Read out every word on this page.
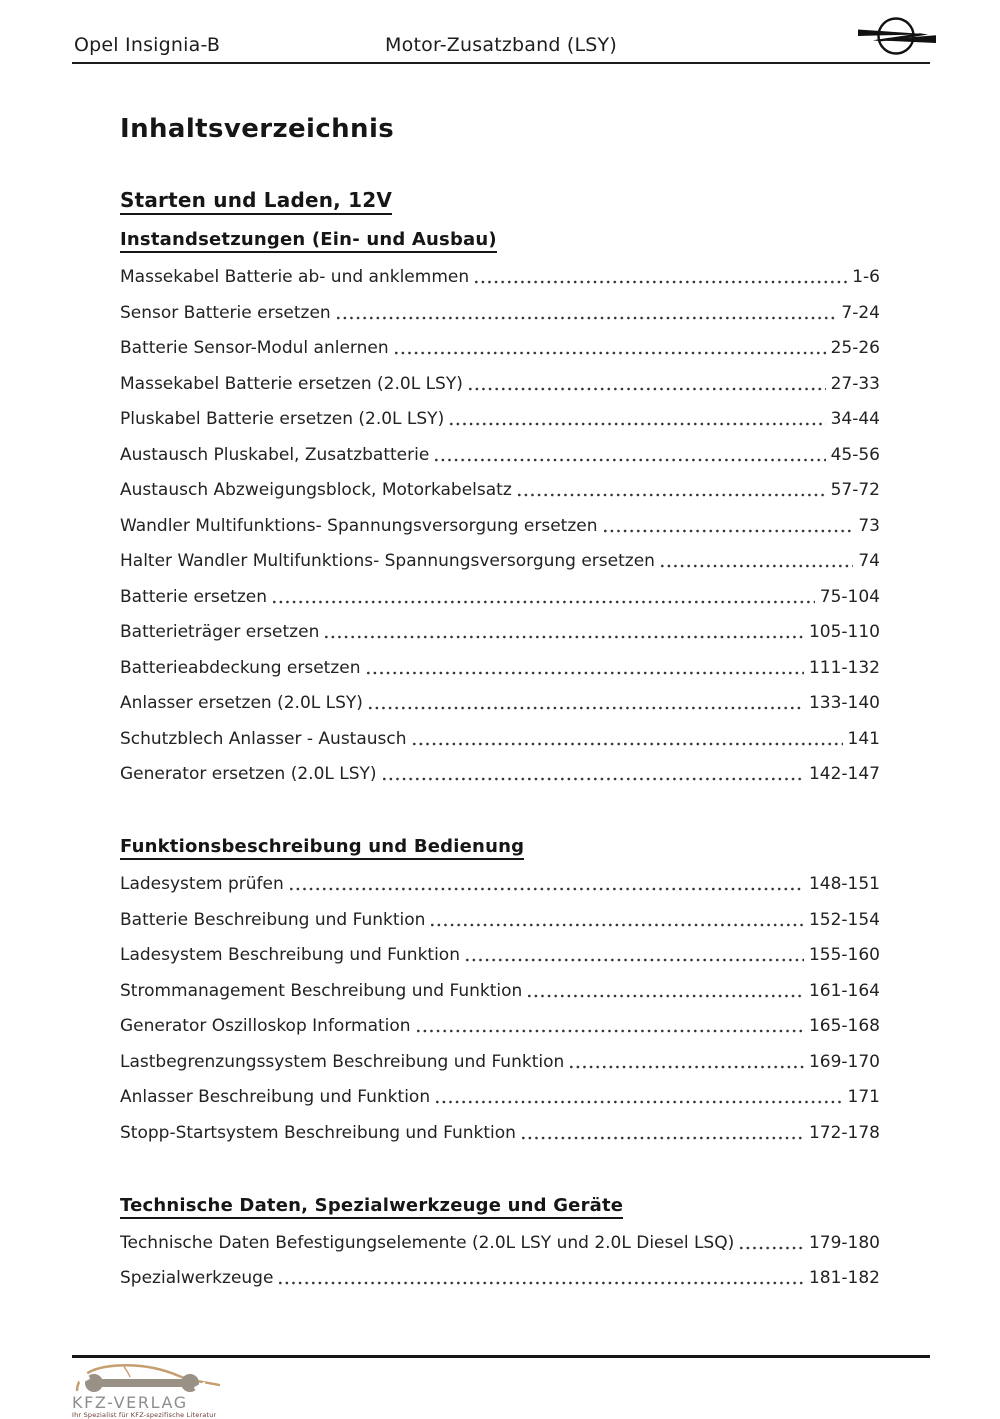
Opel Insignia-B	Motor-Zusatzband (LSY)
Inhaltsverzeichnis
Starten und Laden, 12V
Instandsetzungen (Ein- und Ausbau)
Massekabel Batterie ab- und anklemmen	1-6
Sensor Batterie ersetzen	7-24
Batterie Sensor-Modul anlernen	25-26
Massekabel Batterie ersetzen (2.0L LSY)	27-33
Pluskabel Batterie ersetzen (2.0L LSY)	34-44
Austausch Pluskabel, Zusatzbatterie	45-56
Austausch Abzweigungsblock, Motorkabelsatz	57-72
Wandler Multifunktions- Spannungsversorgung ersetzen	73
Halter Wandler Multifunktions- Spannungsversorgung ersetzen	74
Batterie ersetzen	75-104
Batterieträger ersetzen	105-110
Batterieabdeckung ersetzen	111-132
Anlasser ersetzen (2.0L LSY)	133-140
Schutzblech Anlasser - Austausch	141
Generator ersetzen (2.0L LSY)	142-147
Funktionsbeschreibung und Bedienung
Ladesystem prüfen	148-151
Batterie Beschreibung und Funktion	152-154
Ladesystem Beschreibung und Funktion	155-160
Strommanagement Beschreibung und Funktion	161-164
Generator Oszilloskop Information	165-168
Lastbegrenzungssystem Beschreibung und Funktion	169-170
Anlasser Beschreibung und Funktion	171
Stopp-Startsystem Beschreibung und Funktion	172-178
Technische Daten, Spezialwerkzeuge und Geräte
Technische Daten Befestigungselemente (2.0L LSY und 2.0L Diesel LSQ)	179-180
Spezialwerkzeuge	181-182
KFZ-VERLAG
Ihr Spezialist für KFZ-spezifische Literatur
